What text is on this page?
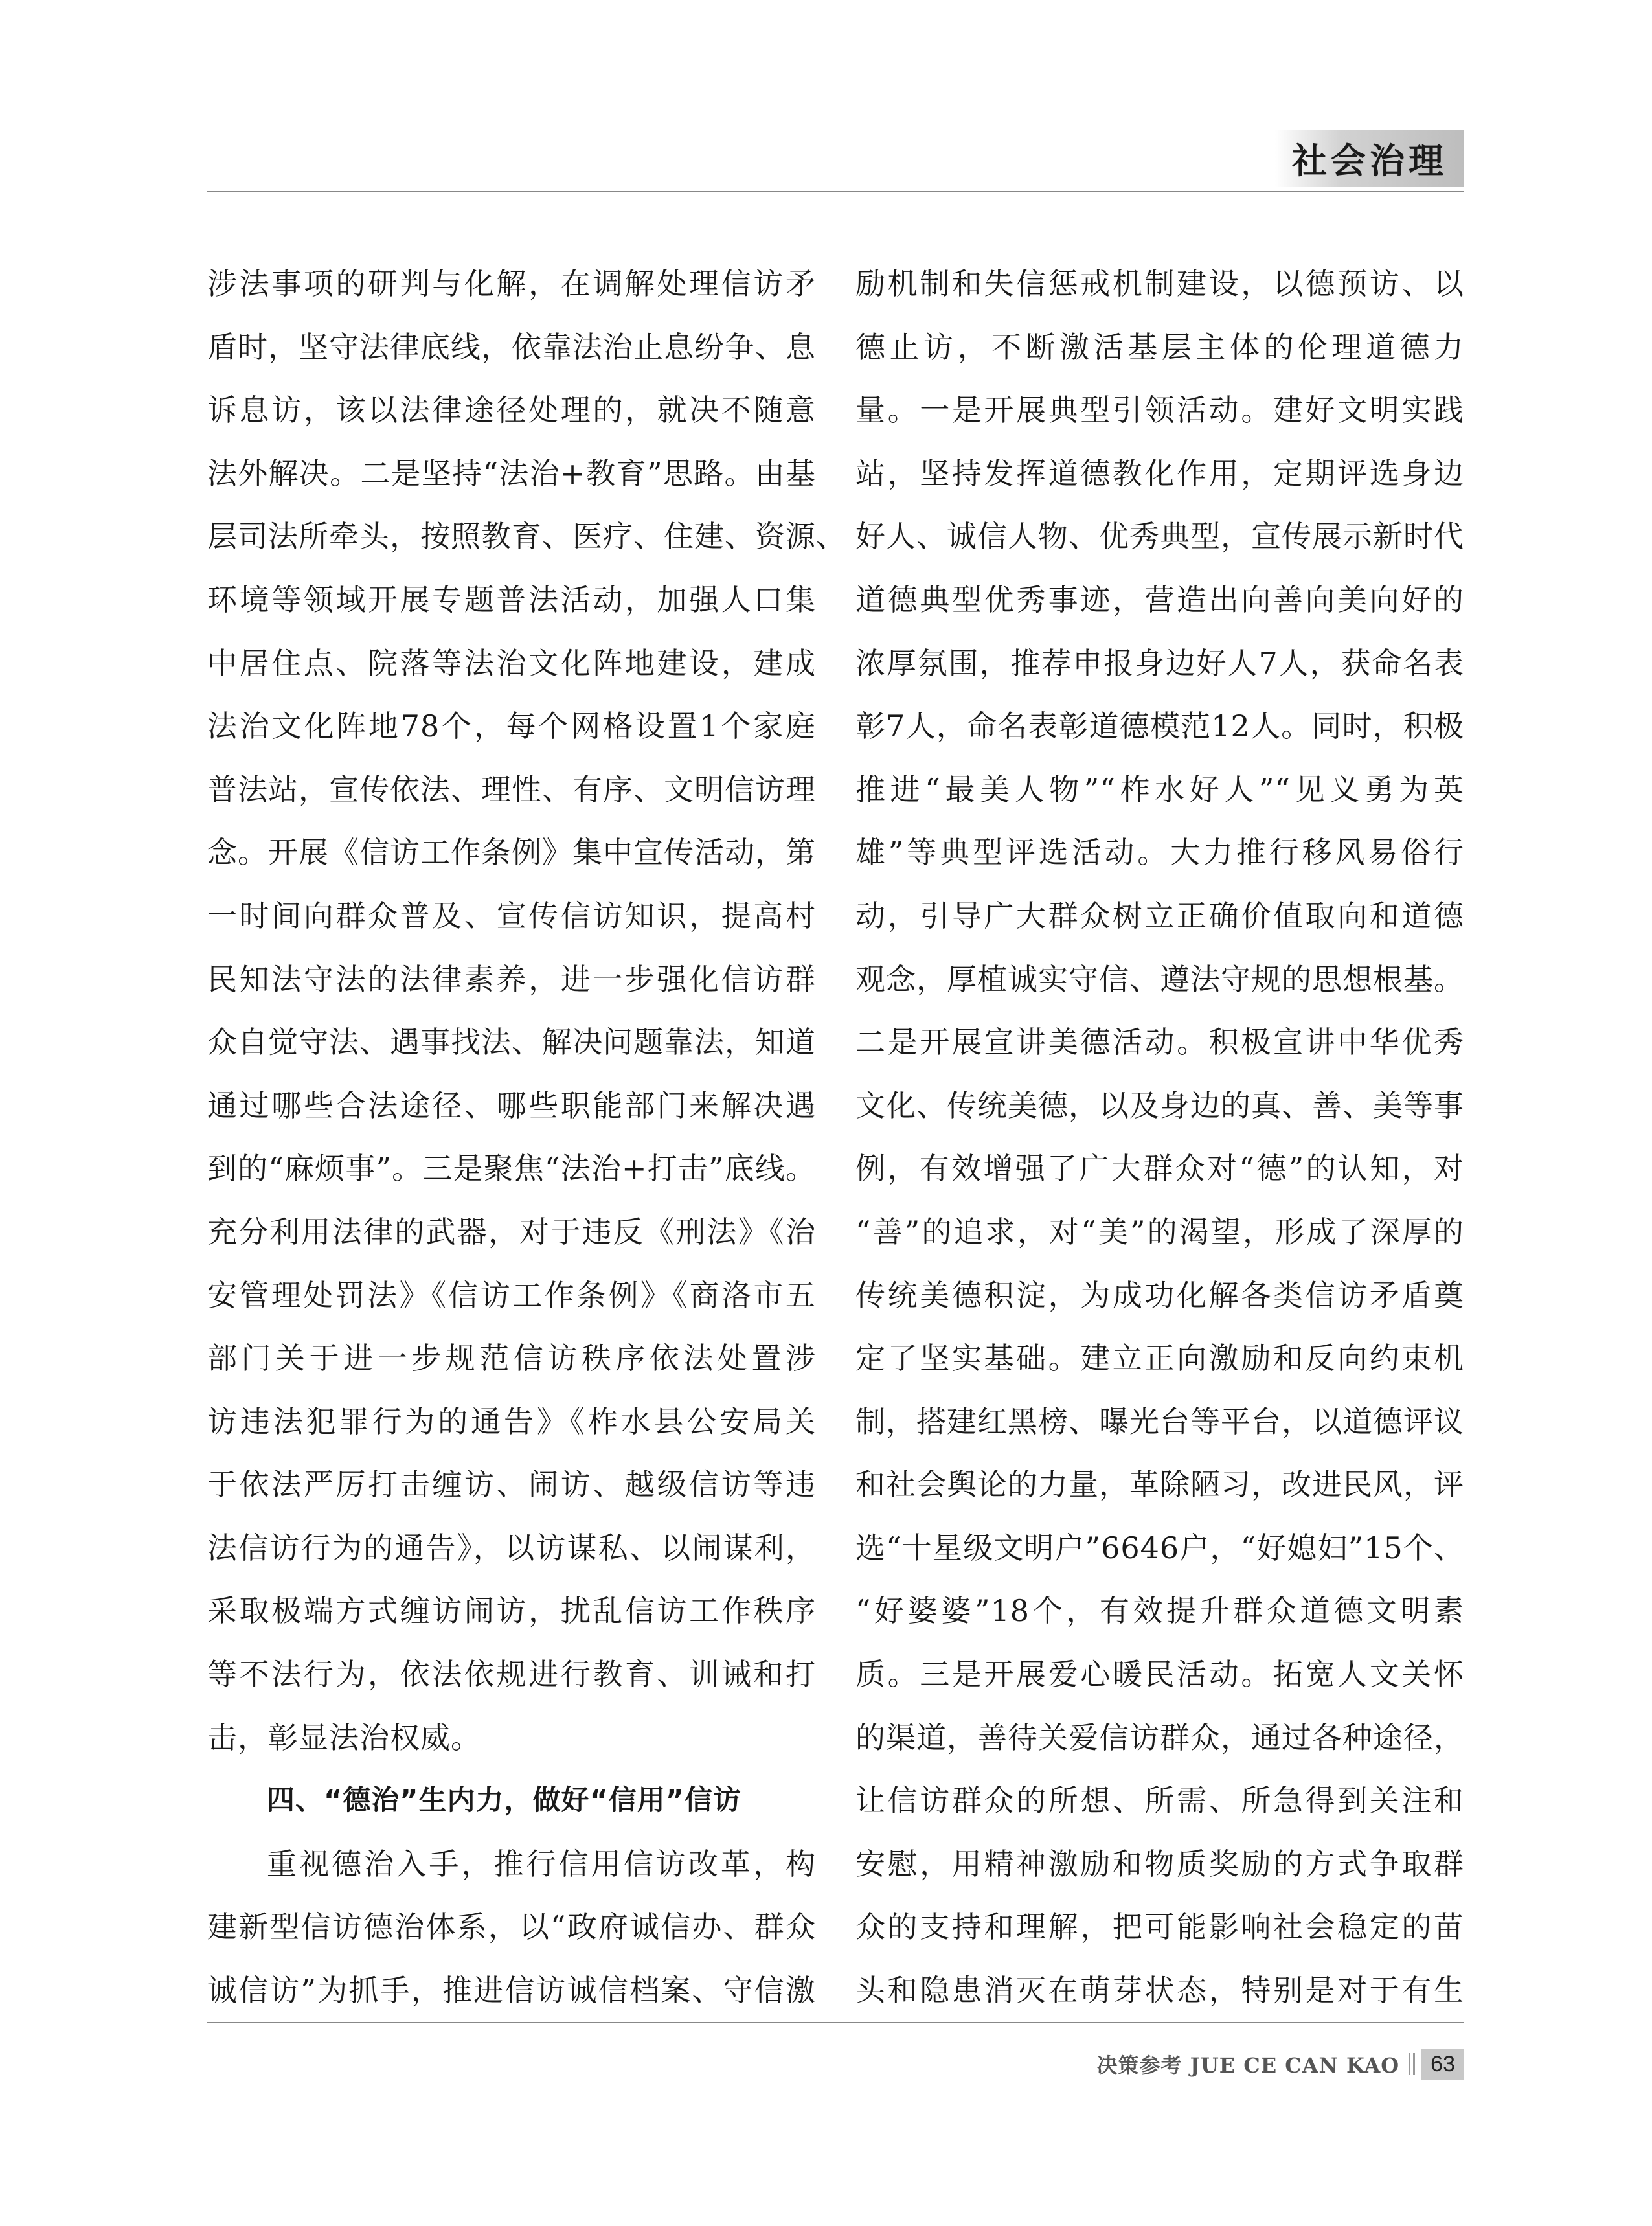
社会治理
涉法事项的研判与化解，在调解处理信访矛
盾时，坚守法律底线，依靠法治止息纷争、息
诉息访，该以法律途径处理的，就决不随意
法外解决。二是坚持“法治+教育”思路。由基
层司法所牵头，按照教育、医疗、住建、资源、
环境等领域开展专题普法活动，加强人口集
中居住点、院落等法治文化阵地建设，建成
法治文化阵地78个，每个网格设置1个家庭
普法站，宣传依法、理性、有序、文明信访理
念。开展《信访工作条例》集中宣传活动，第
一时间向群众普及、宣传信访知识，提高村
民知法守法的法律素养，进一步强化信访群
众自觉守法、遇事找法、解决问题靠法，知道
通过哪些合法途径、哪些职能部门来解决遇
到的“麻烦事”。三是聚焦“法治+打击”底线。
充分利用法律的武器，对于违反《刑法》《治
安管理处罚法》《信访工作条例》《商洛市五
部门关于进一步规范信访秩序依法处置涉
访违法犯罪行为的通告》《柞水县公安局关
于依法严厉打击缠访、闹访、越级信访等违
法信访行为的通告》，以访谋私、以闹谋利，
采取极端方式缠访闹访，扰乱信访工作秩序
等不法行为，依法依规进行教育、训诫和打
击，彰显法治权威。
四、“德治”生内力，做好“信用”信访
重视德治入手，推行信用信访改革，构
建新型信访德治体系，以“政府诚信办、群众
诚信访”为抓手，推进信访诚信档案、守信激
励机制和失信惩戒机制建设，以德预访、以
德止访，不断激活基层主体的伦理道德力
量。一是开展典型引领活动。建好文明实践
站，坚持发挥道德教化作用，定期评选身边
好人、诚信人物、优秀典型，宣传展示新时代
道德典型优秀事迹，营造出向善向美向好的
浓厚氛围，推荐申报身边好人7人，获命名表
彰7人，命名表彰道德模范12人。同时，积极
推进“最美人物”“柞水好人”“见义勇为英
雄”等典型评选活动。大力推行移风易俗行
动，引导广大群众树立正确价值取向和道德
观念，厚植诚实守信、遵法守规的思想根基。
二是开展宣讲美德活动。积极宣讲中华优秀
文化、传统美德，以及身边的真、善、美等事
例，有效增强了广大群众对“德”的认知，对
“善”的追求，对“美”的渴望，形成了深厚的
传统美德积淀，为成功化解各类信访矛盾奠
定了坚实基础。建立正向激励和反向约束机
制，搭建红黑榜、曝光台等平台，以道德评议
和社会舆论的力量，革除陋习，改进民风，评
选“十星级文明户”6646户，“好媳妇”15个、
“好婆婆”18个，有效提升群众道德文明素
质。三是开展爱心暖民活动。拓宽人文关怀
的渠道，善待关爱信访群众，通过各种途径，
让信访群众的所想、所需、所急得到关注和
安慰，用精神激励和物质奖励的方式争取群
众的支持和理解，把可能影响社会稳定的苗
头和隐患消灭在萌芽状态，特别是对于有生
决策参考 JUE CE CAN KAO	63
